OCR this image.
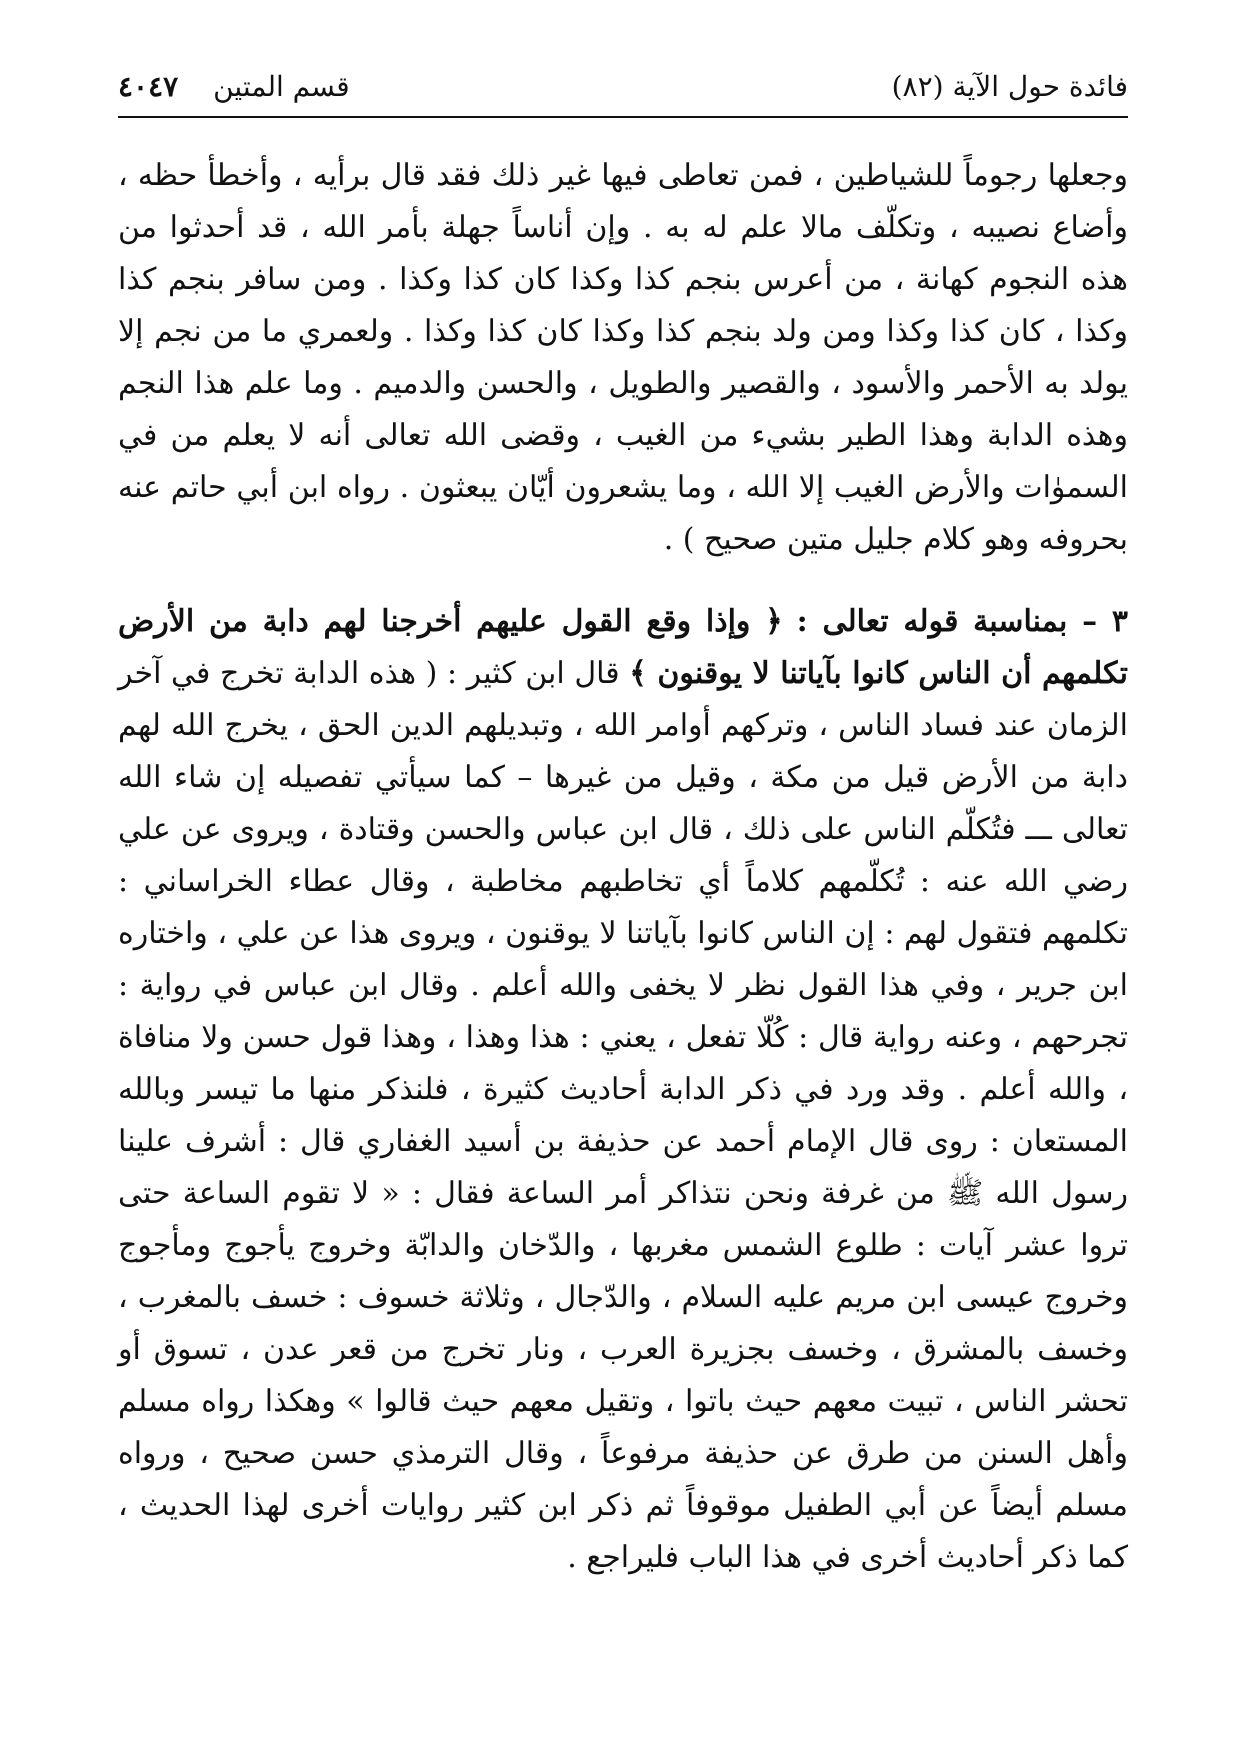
فائدة حول الآية (٨٢)
قسم المتين ٤٠٤٧

وجعلها رجوماً للشياطين ، فمن تعاطى فيها غير ذلك فقد قال برأيه ، وأخطأ حظه ، وأضاع نصيبه ، وتكلّف مالا علم له به . وإن أناساً جهلة بأمر الله ، قد أحدثوا من هذه النجوم كهانة ، من أعرس بنجم كذا وكذا كان كذا وكذا . ومن سافر بنجم كذا وكذا ، كان كذا وكذا ومن ولد بنجم كذا وكذا كان كذا وكذا . ولعمري ما من نجم إلا يولد به الأحمر والأسود ، والقصير والطويل ، والحسن والدميم . وما علم هذا النجم وهذه الدابة وهذا الطير بشيء من الغيب ، وقضى الله تعالى أنه لا يعلم من في السموٰات والأرض الغيب إلا الله ، وما يشعرون أيّان يبعثون . رواه ابن أبي حاتم عنه بحروفه وهو كلام جليل متين صحيح ) .

٣ – بمناسبة قوله تعالى : ﴿ وإذا وقع القول عليهم أخرجنا لهم دابة من الأرض تكلمهم أن الناس كانوا بآياتنا لا يوقنون ﴾ قال ابن كثير : ( هذه الدابة تخرج في آخر الزمان عند فساد الناس ، وتركهم أوامر الله ، وتبديلهم الدين الحق ، يخرج الله لهم دابة من الأرض قيل من مكة ، وقيل من غيرها – كما سيأتي تفصيله إن شاء الله تعالى ـــ فتُكلّم الناس على ذلك ، قال ابن عباس والحسن وقتادة ، ويروى عن علي رضي الله عنه : تُكلّمهم كلاماً أي تخاطبهم مخاطبة ، وقال عطاء الخراساني : تكلمهم فتقول لهم : إن الناس كانوا بآياتنا لا يوقنون ، ويروى هذا عن علي ، واختاره ابن جرير ، وفي هذا القول نظر لا يخفى والله أعلم . وقال ابن عباس في رواية : تجرحهم ، وعنه رواية قال : كُلّا تفعل ، يعني : هذا وهذا ، وهذا قول حسن ولا منافاة ، والله أعلم . وقد ورد في ذكر الدابة أحاديث كثيرة ، فلنذكر منها ما تيسر وبالله المستعان : روى قال الإمام أحمد عن حذيفة بن أسيد الغفاري قال : أشرف علينا رسول الله ﷺ من غرفة ونحن نتذاكر أمر الساعة فقال : « لا تقوم الساعة حتى تروا عشر آيات : طلوع الشمس مغربها ، والدّخان والدابّة وخروج يأجوج ومأجوج وخروج عيسى ابن مريم عليه السلام ، والدّجال ، وثلاثة خسوف : خسف بالمغرب ، وخسف بالمشرق ، وخسف بجزيرة العرب ، ونار تخرج من قعر عدن ، تسوق أو تحشر الناس ، تبيت معهم حيث باتوا ، وتقيل معهم حيث قالوا » وهكذا رواه مسلم وأهل السنن من طرق عن حذيفة مرفوعاً ، وقال الترمذي حسن صحيح ، ورواه مسلم أيضاً عن أبي الطفيل موقوفاً ثم ذكر ابن كثير روايات أخرى لهذا الحديث ، كما ذكر أحاديث أخرى في هذا الباب فليراجع .
